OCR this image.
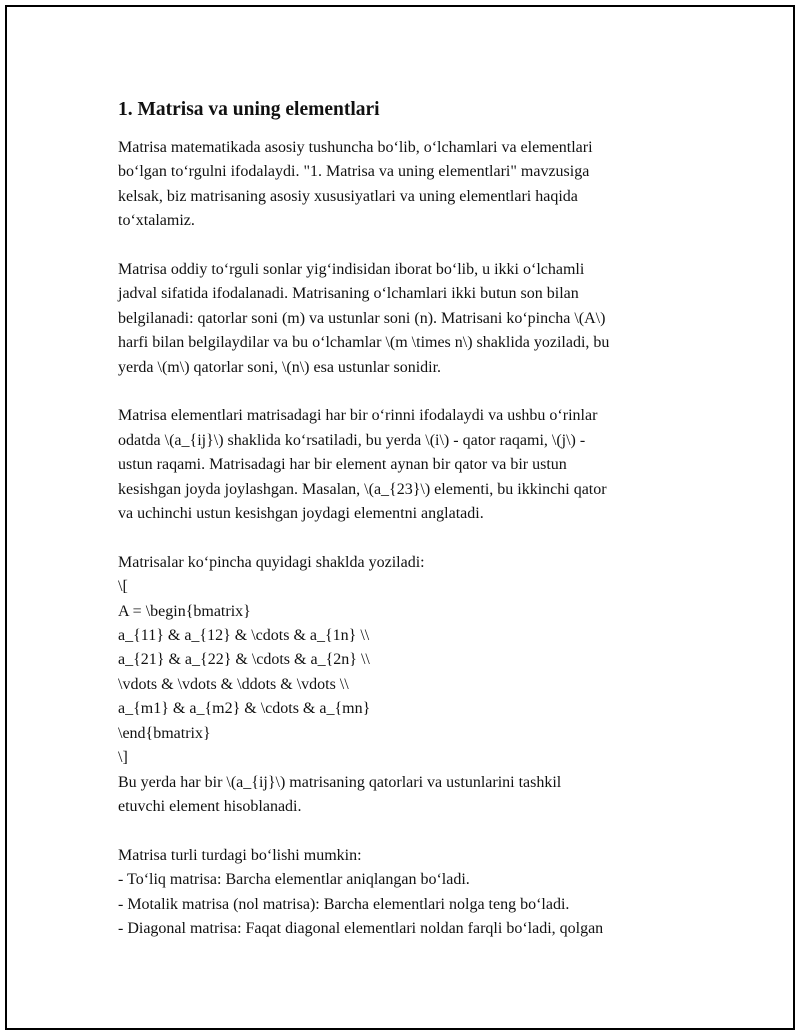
1. Matrisa va uning elementlari
Matrisa matematikada asosiy tushuncha bo‘lib, o‘lchamlari va elementlari
bo‘lgan to‘rgulni ifodalaydi. "1. Matrisa va uning elementlari" mavzusiga
kelsak, biz matrisaning asosiy xususiyatlari va uning elementlari haqida
to‘xtalamiz.
Matrisa oddiy to‘rguli sonlar yig‘indisidan iborat bo‘lib, u ikki o‘lchamli
jadval sifatida ifodalanadi. Matrisaning o‘lchamlari ikki butun son bilan
belgilanadi: qatorlar soni (m) va ustunlar soni (n). Matrisani ko‘pincha \(A\)
harfi bilan belgilaydilar va bu o‘lchamlar \(m \times n\) shaklida yoziladi, bu
yerda \(m\) qatorlar soni, \(n\) esa ustunlar sonidir.
Matrisa elementlari matrisadagi har bir o‘rinni ifodalaydi va ushbu o‘rinlar
odatda \(a_{ij}\) shaklida ko‘rsatiladi, bu yerda \(i\) - qator raqami, \(j\) -
ustun raqami. Matrisadagi har bir element aynan bir qator va bir ustun
kesishgan joyda joylashgan. Masalan, \(a_{23}\) elementi, bu ikkinchi qator
va uchinchi ustun kesishgan joydagi elementni anglatadi.
Matrisalar ko‘pincha quyidagi shaklda yoziladi:
\[
A = \begin{bmatrix}
a_{11} & a_{12} & \cdots & a_{1n} \\
a_{21} & a_{22} & \cdots & a_{2n} \\
\vdots & \vdots & \ddots & \vdots \\
a_{m1} & a_{m2} & \cdots & a_{mn}
\end{bmatrix}
\]
Bu yerda har bir \(a_{ij}\) matrisaning qatorlari va ustunlarini tashkil
etuvchi element hisoblanadi.
Matrisa turli turdagi bo‘lishi mumkin:
- To‘liq matrisa: Barcha elementlar aniqlangan bo‘ladi.
- Motalik matrisa (nol matrisa): Barcha elementlari nolga teng bo‘ladi.
- Diagonal matrisa: Faqat diagonal elementlari noldan farqli bo‘ladi, qolgan
